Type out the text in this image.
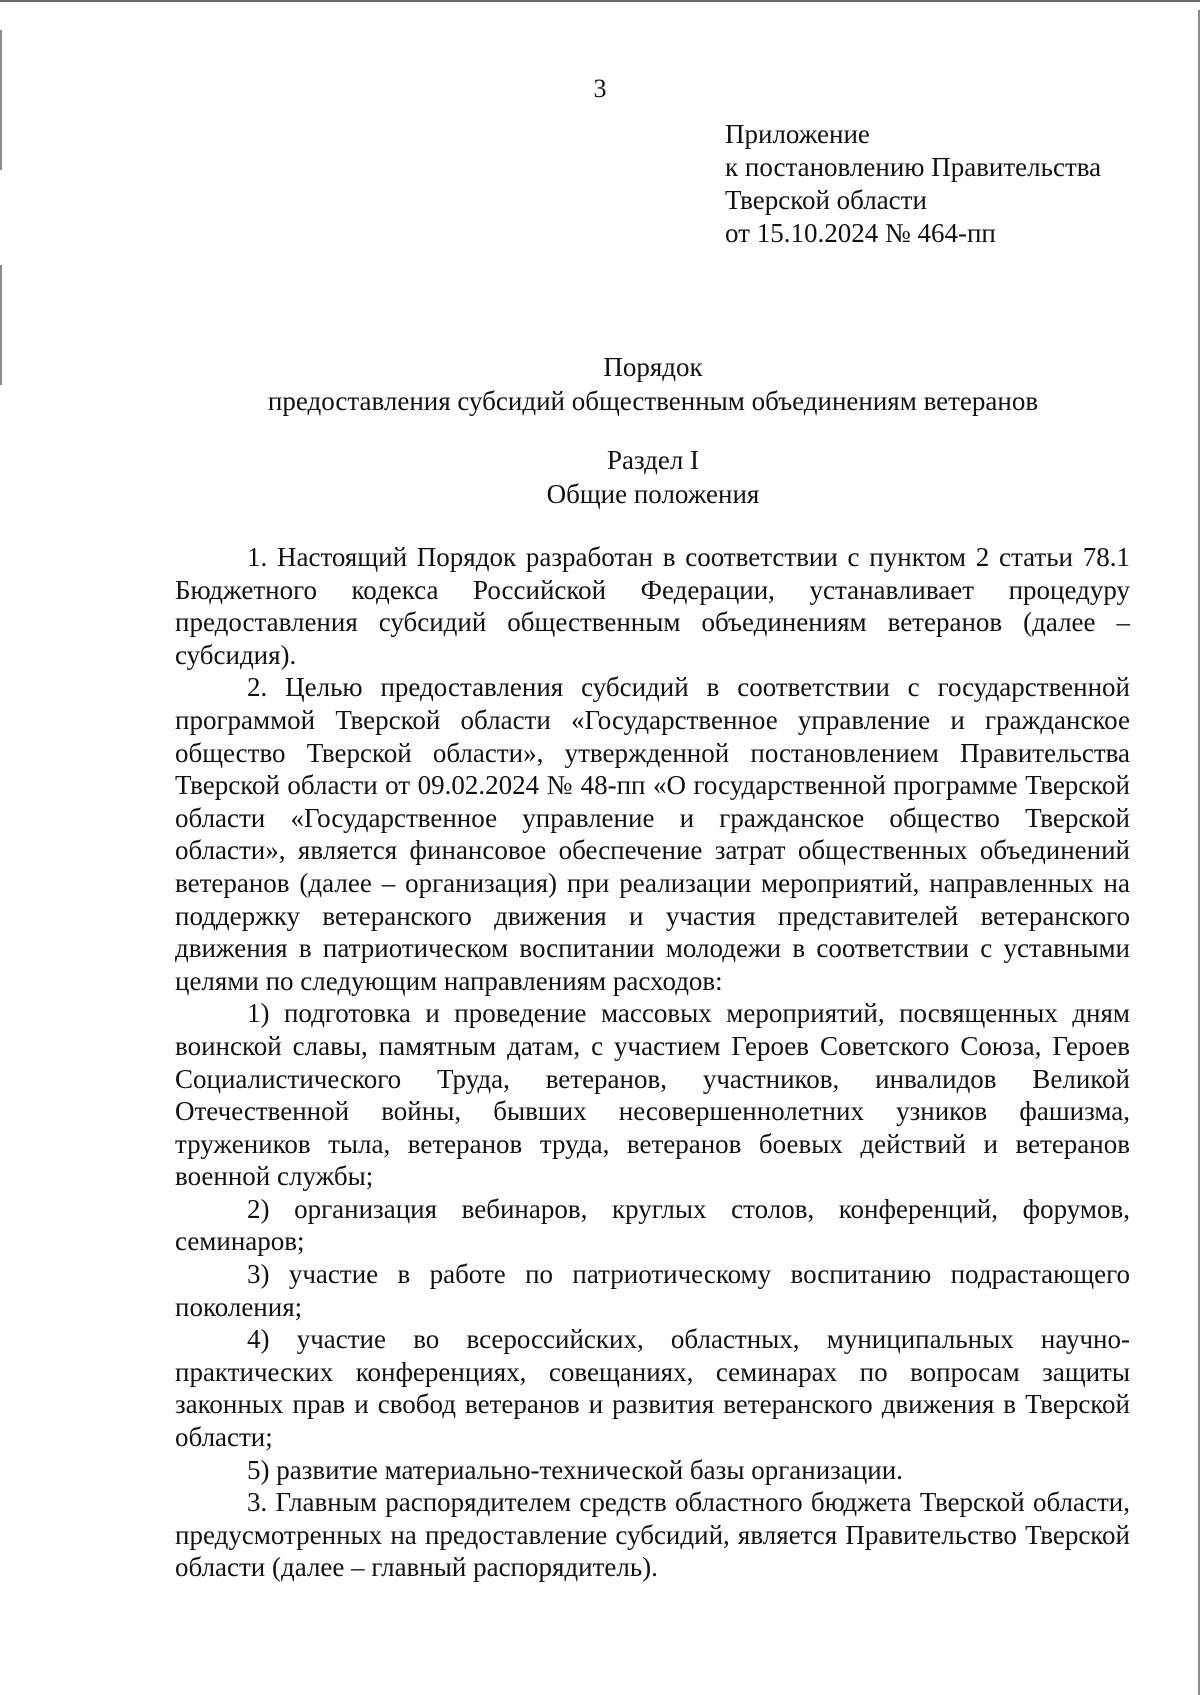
3
Приложение
к постановлению Правительства
Тверской области
от 15.10.2024 № 464-пп
Порядок
предоставления субсидий общественным объединениям ветеранов
Раздел I
Общие положения

1. Настоящий Порядок разработан в соответствии с пунктом 2 статьи 78.1 Бюджетного кодекса Российской Федерации, устанавливает процедуру предоставления субсидий общественным объединениям ветеранов (далее – субсидия).

2. Целью предоставления субсидий в соответствии с государственной программой Тверской области «Государственное управление и гражданское общество Тверской области», утвержденной постановлением Правительства Тверской области от 09.02.2024 № 48-пп «О государственной программе Тверской области «Государственное управление и гражданское общество Тверской области», является финансовое обеспечение затрат общественных объединений ветеранов (далее – организация) при реализации мероприятий, направленных на поддержку ветеранского движения и участия представителей ветеранского движения в патриотическом воспитании молодежи в соответствии с уставными целями по следующим направлениям расходов:

1) подготовка и проведение массовых мероприятий, посвященных дням воинской славы, памятным датам, с участием Героев Советского Союза, Героев Социалистического Труда, ветеранов, участников, инвалидов Великой Отечественной войны, бывших несовершеннолетних узников фашизма, тружеников тыла, ветеранов труда, ветеранов боевых действий и ветеранов военной службы;

2) организация вебинаров, круглых столов, конференций, форумов, семинаров;

3) участие в работе по патриотическому воспитанию подрастающего поколения;

4) участие во всероссийских, областных, муниципальных научно-практических конференциях, совещаниях, семинарах по вопросам защиты законных прав и свобод ветеранов и развития ветеранского движения в Тверской области;

5) развитие материально-технической базы организации.

3. Главным распорядителем средств областного бюджета Тверской области, предусмотренных на предоставление субсидий, является Правительство Тверской области (далее – главный распорядитель).
